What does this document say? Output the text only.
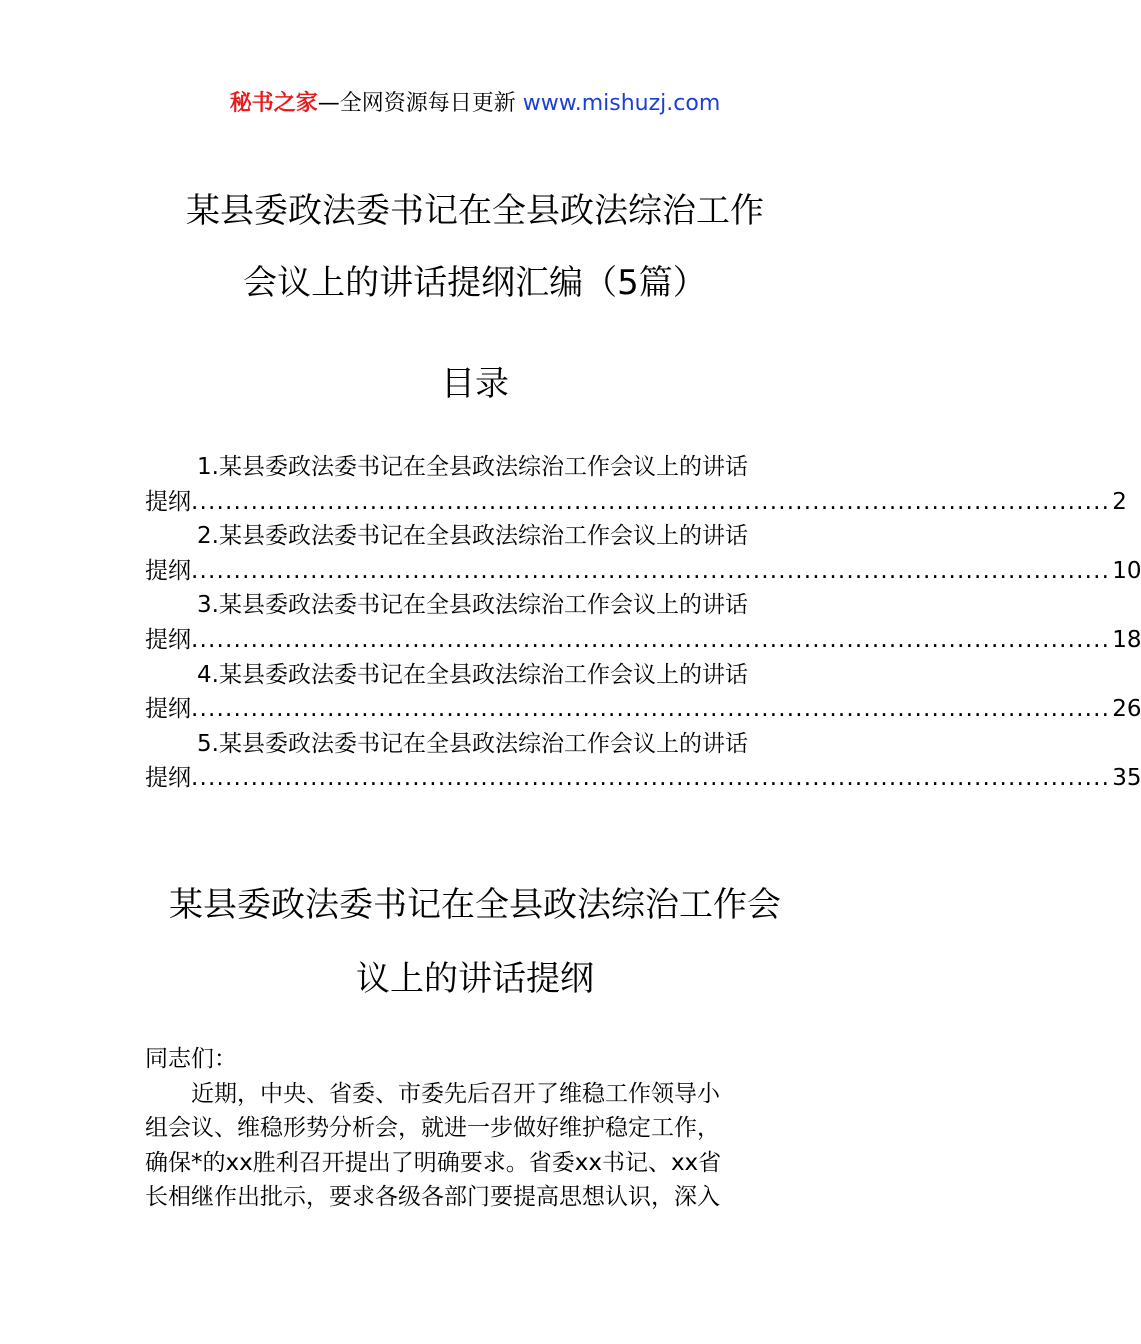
秘书之家—全网资源每日更新 www.mishuzj.com
某县委政法委书记在全县政法综治工作
会议上的讲话提纲汇编（5篇）
目录
1.某县委政法委书记在全县政法综治工作会议上的讲话
提纲 ............................................................................................................ 2
2.某县委政法委书记在全县政法综治工作会议上的讲话
提纲 ............................................................................................................ 10
3.某县委政法委书记在全县政法综治工作会议上的讲话
提纲 ............................................................................................................ 18
4.某县委政法委书记在全县政法综治工作会议上的讲话
提纲 ............................................................................................................ 26
5.某县委政法委书记在全县政法综治工作会议上的讲话
提纲 ............................................................................................................ 35
某县委政法委书记在全县政法综治工作会
议上的讲话提纲
同志们：
近期，中央、省委、市委先后召开了维稳工作领导小
组会议、维稳形势分析会，就进一步做好维护稳定工作，
确保*的xx胜利召开提出了明确要求。省委xx书记、xx省
长相继作出批示，要求各级各部门要提高思想认识，深入
